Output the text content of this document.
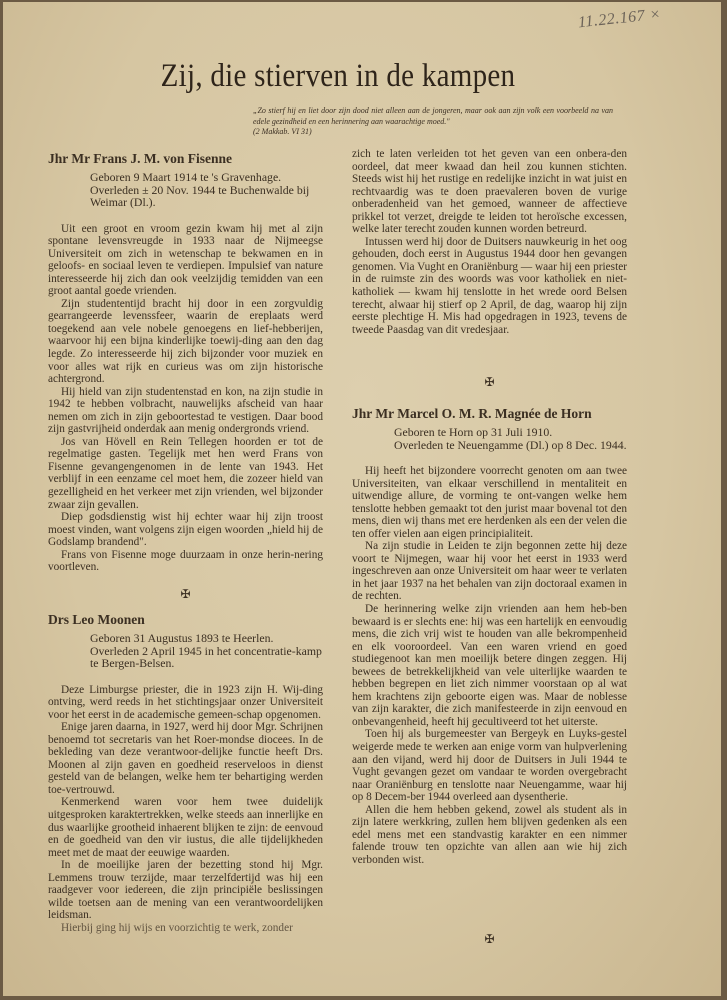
11.22.167 ×
Zij, die stierven in de kampen
„Zo stierf hij en liet door zijn dood niet alleen aan de jongeren, maar ook aan zijn volk een voorbeeld na van edele gezindheid en een herinnering aan waarachtige moed."
(2 Makkab. VI 31)
Jhr Mr Frans J. M. von Fisenne
Geboren 9 Maart 1914 te 's Gravenhage.
Overleden ± 20 Nov. 1944 te Buchenwalde bij Weimar (Dl.).

Uit een groot en vroom gezin kwam hij met al zijn spontane levensvreugde in 1933 naar de Nijmeegse Universiteit om zich in wetenschap te bekwamen en in geloofs- en sociaal leven te verdiepen. Impulsief van nature interesseerde hij zich dan ook veelzijdig temidden van een groot aantal goede vrienden.

Zijn studententijd bracht hij door in een zorgvuldig gearrangeerde levenssfeer, waarin de ereplaats werd toegekend aan vele nobele genoegens en lief-hebberijen, waarvoor hij een bijna kinderlijke toewij-ding aan den dag legde. Zo interesseerde hij zich bijzonder voor muziek en voor alles wat rijk en curieus was om zijn historische achtergrond.

Hij hield van zijn studentenstad en kon, na zijn studie in 1942 te hebben volbracht, nauwelijks afscheid van haar nemen om zich in zijn geboortestad te vestigen. Daar bood zijn gastvrijheid onderdak aan menig ondergronds vriend.

Jos van Hövell en Rein Tellegen hoorden er tot de regelmatige gasten. Tegelijk met hen werd Frans von Fisenne gevangengenomen in de lente van 1943. Het verblijf in een eenzame cel moet hem, die zozeer hield van gezelligheid en het verkeer met zijn vrienden, wel bijzonder zwaar zijn gevallen.

Diep godsdienstig wist hij echter waar hij zijn troost moest vinden, want volgens zijn eigen woorden „hield hij de Godslamp brandend".

Frans von Fisenne moge duurzaam in onze herin-nering voortleven.

✠
Drs Leo Moonen
Geboren 31 Augustus 1893 te Heerlen.
Overleden 2 April 1945 in het concentratie-kamp te Bergen-Belsen.

Deze Limburgse priester, die in 1923 zijn H. Wij-ding ontving, werd reeds in het stichtingsjaar onzer Universiteit voor het eerst in de academische gemeen-schap opgenomen.

Enige jaren daarna, in 1927, werd hij door Mgr. Schrijnen benoemd tot secretaris van het Roer-mondse diocees. In de bekleding van deze verantwoor-delijke functie heeft Drs. Moonen al zijn gaven en goedheid reserveloos in dienst gesteld van de belangen, welke hem ter behartiging werden toe-vertrouwd.

Kenmerkend waren voor hem twee duidelijk uitgesproken karaktertrekken, welke steeds aan innerlijke en dus waarlijke grootheid inhaerent blijken te zijn: de eenvoud en de goedheid van den vir iustus, die alle tijdelijkheden meet met de maat der eeuwige waarden.

In de moeilijke jaren der bezetting stond hij Mgr. Lemmens trouw terzijde, maar terzelfdertijd was hij een raadgever voor iedereen, die zijn principiële beslissingen wilde toetsen aan de mening van een verantwoordelijken leidsman.

Hierbij ging hij wijs en voorzichtig te werk, zonder

zich te laten verleiden tot het geven van een onbera-den oordeel, dat meer kwaad dan heil zou kunnen stichten. Steeds wist hij het rustige en redelijke inzicht in wat juist en rechtvaardig was te doen praevaleren boven de vurige onberadenheid van het gemoed, wanneer de affectieve prikkel tot verzet, dreigde te leiden tot heroïsche excessen, welke later terecht zouden kunnen worden betreurd.

Intussen werd hij door de Duitsers nauwkeurig in het oog gehouden, doch eerst in Augustus 1944 door hen gevangen genomen. Via Vught en Oraniënburg — waar hij een priester in de ruimste zin des woords was voor katholiek en niet-katholiek — kwam hij tenslotte in het wrede oord Belsen terecht, alwaar hij stierf op 2 April, de dag, waarop hij zijn eerste plechtige H. Mis had opgedragen in 1923, tevens de tweede Paasdag van dit vredesjaar.

✠
Jhr Mr Marcel O. M. R. Magnée de Horn
Geboren te Horn op 31 Juli 1910.
Overleden te Neuengamme (Dl.) op 8 Dec. 1944.

Hij heeft het bijzondere voorrecht genoten om aan twee Universiteiten, van elkaar verschillend in mentaliteit en uitwendige allure, de vorming te ont-vangen welke hem tenslotte hebben gemaakt tot den jurist maar bovenal tot den mens, dien wij thans met ere herdenken als een der velen die ten offer vielen aan eigen principialiteit.

Na zijn studie in Leiden te zijn begonnen zette hij deze voort te Nijmegen, waar hij voor het eerst in 1933 werd ingeschreven aan onze Universiteit om haar weer te verlaten in het jaar 1937 na het behalen van zijn doctoraal examen in de rechten.

De herinnering welke zijn vrienden aan hem heb-ben bewaard is er slechts ene: hij was een hartelijk en eenvoudig mens, die zich vrij wist te houden van alle bekrompenheid en elk vooroordeel. Van een waren vriend en goed studiegenoot kan men moeilijk betere dingen zeggen. Hij bewees de betrekkelijkheid van vele uiterlijke waarden te hebben begrepen en liet zich nimmer voorstaan op al wat hem krachtens zijn geboorte eigen was. Maar de noblesse van zijn karakter, die zich manifesteerde in zijn eenvoud en onbevangenheid, heeft hij gecultiveerd tot het uiterste.

Toen hij als burgemeester van Bergeyk en Luyks-gestel weigerde mede te werken aan enige vorm van hulpverlening aan den vijand, werd hij door de Duitsers in Juli 1944 te Vught gevangen gezet om vandaar te worden overgebracht naar Oraniënburg en tenslotte naar Neuengamme, waar hij op 8 Decem-ber 1944 overleed aan dysentherie.

Allen die hem hebben gekend, zowel als student als in zijn latere werkkring, zullen hem blijven gedenken als een edel mens met een standvastig karakter en een nimmer falende trouw ten opzichte van allen aan wie hij zich verbonden wist.

✠
